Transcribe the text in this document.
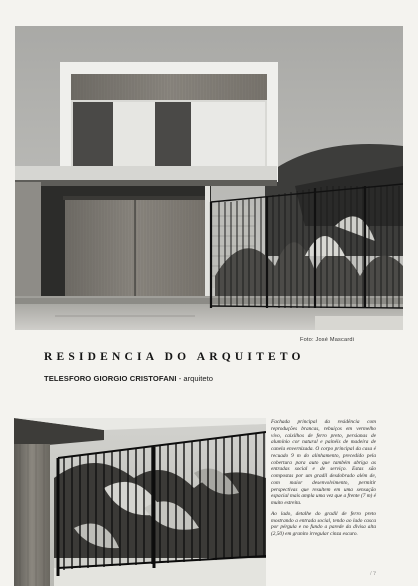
Foto: José Mascardi
RESIDENCIA DO ARQUITETO
TELESFORO GIORGIO CRISTOFANI - arquiteto

Fachada principal da residência com reproduções brancas, rebuiços em vermelho vivo, caixilhos de ferro preto, persianas de alumínio cor natural e painéis de madeira de canela envernizada. O corpo principal da casa é recuado 9 m do alinhamento, precedido pela cobertura para auto que também abriga as entradas social e de serviço. Estas são compostas por um gradil desdobrado além de, com maior desenvolvimento, permitir perspectivas que resultem em uma sensação espacial mais ampla uma vez que a frente (7 m) é muito estreita.

Ao lado, detalhe do gradil de ferro preto mostrando a entrada social, tendo ao lado casca por pérgula e no fundo a parede da divisa alta (2,50) em granito irregular cinza escuro.

/ ?
